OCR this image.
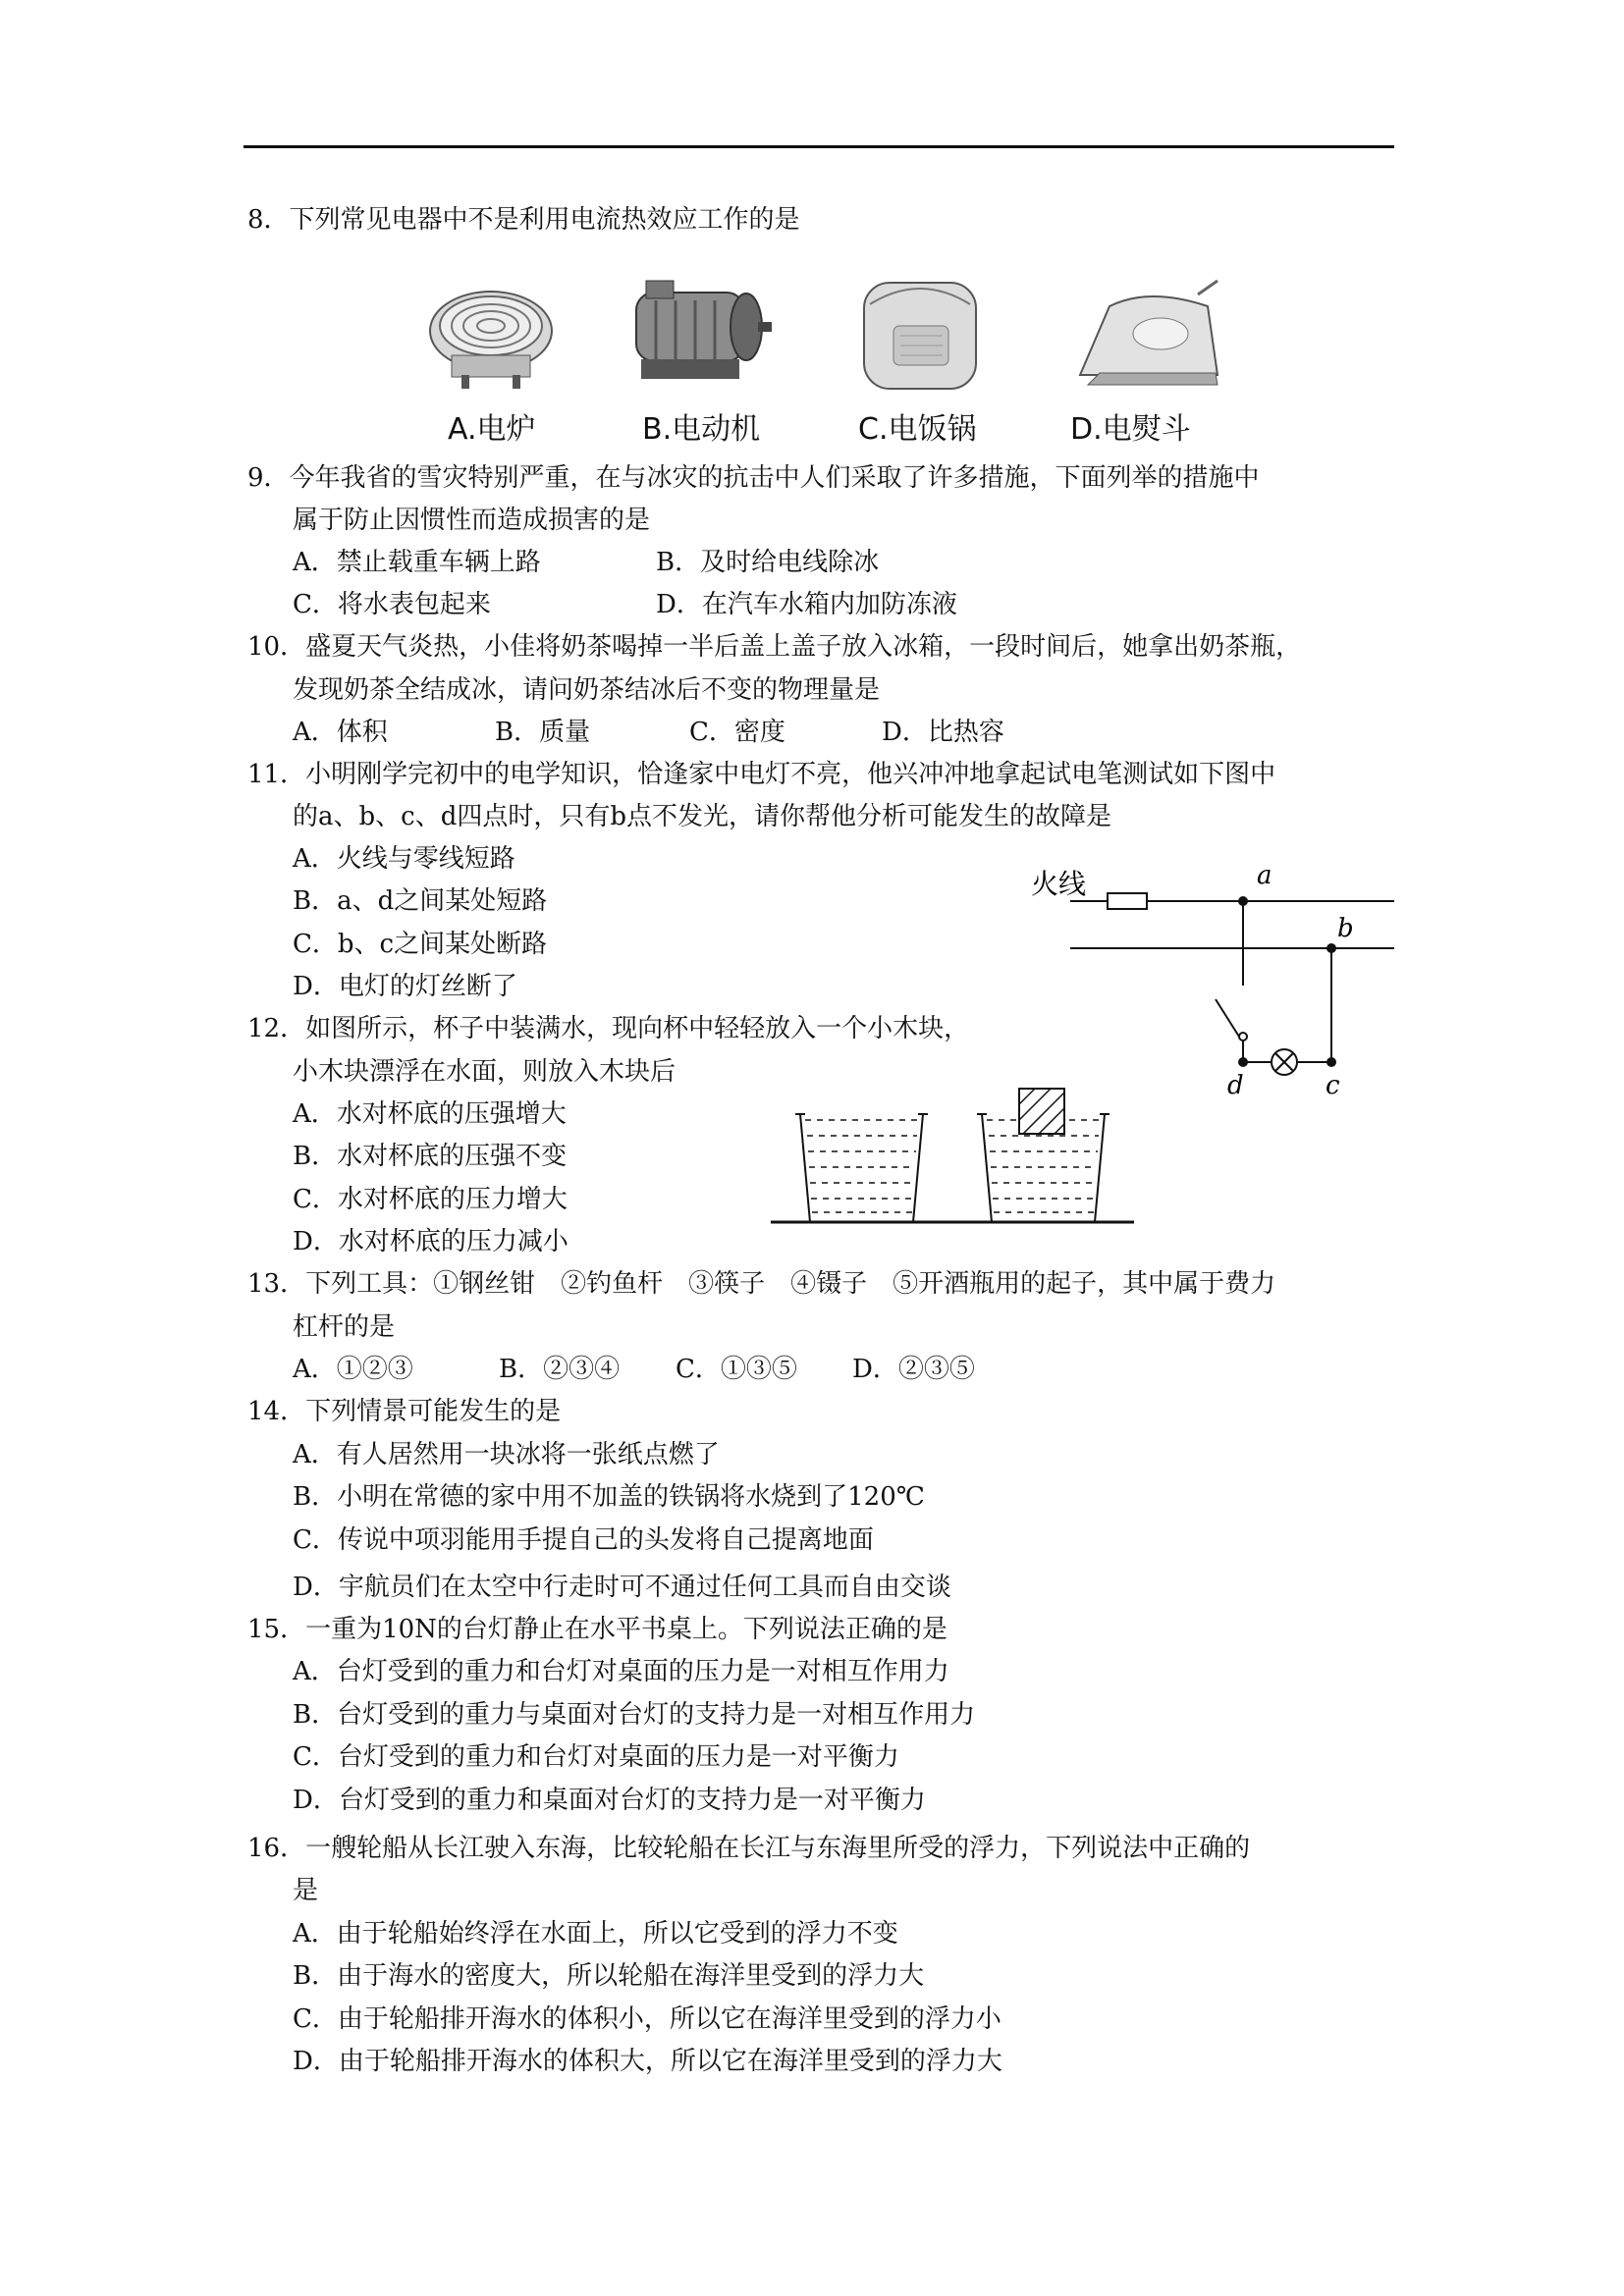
8．下列常见电器中不是利用电流热效应工作的是
A.电炉	B.电动机	C.电饭锅	D.电熨斗
9．今年我省的雪灾特别严重，在与冰灾的抗击中人们采取了许多措施，下面列举的措施中
属于防止因惯性而造成损害的是
A．禁止载重车辆上路	B．及时给电线除冰
C．将水表包起来	D．在汽车水箱内加防冻液
10．盛夏天气炎热，小佳将奶茶喝掉一半后盖上盖子放入冰箱，一段时间后，她拿出奶茶瓶，
发现奶茶全结成冰，请问奶茶结冰后不变的物理量是
A．体积	B．质量	C．密度	D．比热容
11．小明刚学完初中的电学知识，恰逢家中电灯不亮，他兴冲冲地拿起试电笔测试如下图中
的a、b、c、d四点时，只有b点不发光，请你帮他分析可能发生的故障是
A．火线与零线短路
B．a、d之间某处短路
C．b、c之间某处断路
D．电灯的灯丝断了
火线	a
b
c
d
12．如图所示，杯子中装满水，现向杯中轻轻放入一个小木块，
小木块漂浮在水面，则放入木块后
A．水对杯底的压强增大
B．水对杯底的压强不变
C．水对杯底的压力增大
D．水对杯底的压力减小
13．下列工具：①钢丝钳　②钓鱼杆　③筷子　④镊子　⑤开酒瓶用的起子，其中属于费力
杠杆的是
A．①②③	B．②③④ C．①③⑤ D．②③⑤
14．下列情景可能发生的是
A．有人居然用一块冰将一张纸点燃了
B．小明在常德的家中用不加盖的铁锅将水烧到了120℃
C．传说中项羽能用手提自己的头发将自己提离地面
D．宇航员们在太空中行走时可不通过任何工具而自由交谈
15．一重为10N的台灯静止在水平书桌上。下列说法正确的是
A．台灯受到的重力和台灯对桌面的压力是一对相互作用力
B．台灯受到的重力与桌面对台灯的支持力是一对相互作用力
C．台灯受到的重力和台灯对桌面的压力是一对平衡力
D．台灯受到的重力和桌面对台灯的支持力是一对平衡力
16．一艘轮船从长江驶入东海，比较轮船在长江与东海里所受的浮力，下列说法中正确的
是
A．由于轮船始终浮在水面上，所以它受到的浮力不变
B．由于海水的密度大，所以轮船在海洋里受到的浮力大
C．由于轮船排开海水的体积小，所以它在海洋里受到的浮力小
D．由于轮船排开海水的体积大，所以它在海洋里受到的浮力大
